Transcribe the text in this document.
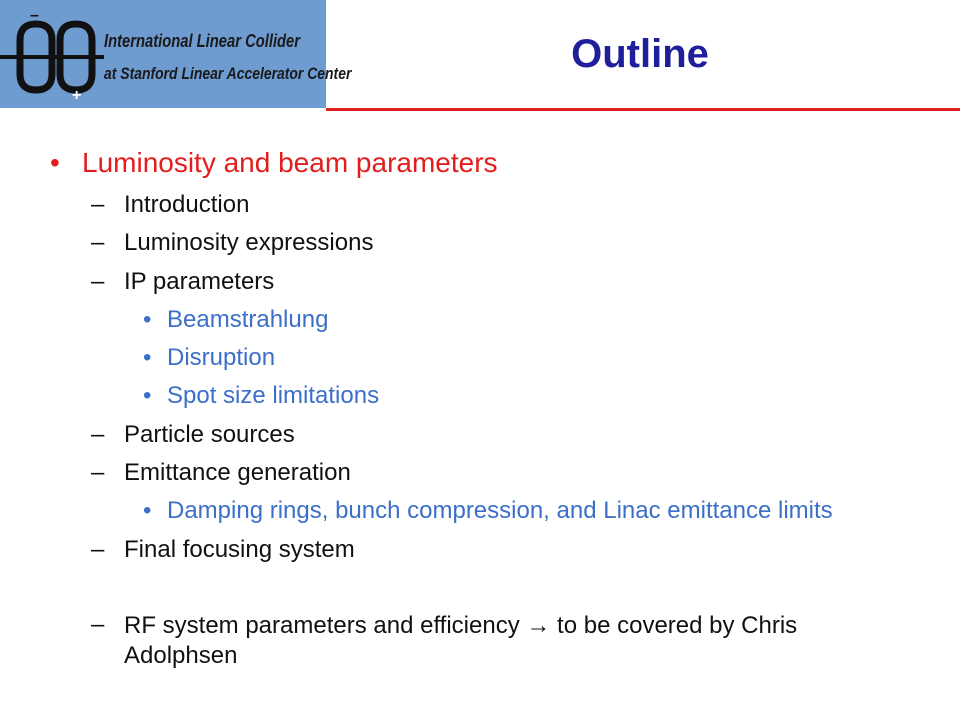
–
+
International Linear Collider
at Stanford Linear Accelerator Center	Outline
• Luminosity and beam parameters
– Introduction
– Luminosity expressions
– IP parameters
• Beamstrahlung
• Disruption
• Spot size limitations
– Particle sources
– Emittance generation
• Damping rings, bunch compression, and Linac emittance limits
– Final focusing system
– RF system parameters and efficiency → to be covered by Chris Adolphsen
